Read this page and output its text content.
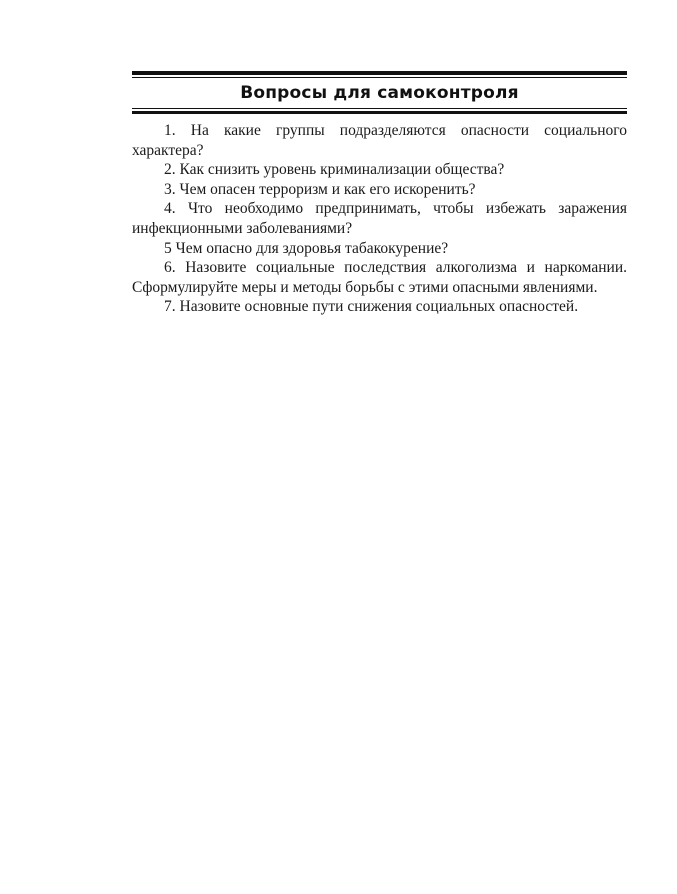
Вопросы для самоконтроля

1. На какие группы подразделяются опасности социального характера?

2. Как снизить уровень криминализации общества?

3. Чем опасен терроризм и как его искоренить?

4. Что необходимо предпринимать, чтобы избежать заражения инфекционными заболеваниями?

5 Чем опасно для здоровья табакокурение?

6. Назовите социальные последствия алкоголизма и наркомании. Сформулируйте меры и методы борьбы с этими опасными явлениями.

7. Назовите основные пути снижения социальных опасностей.
